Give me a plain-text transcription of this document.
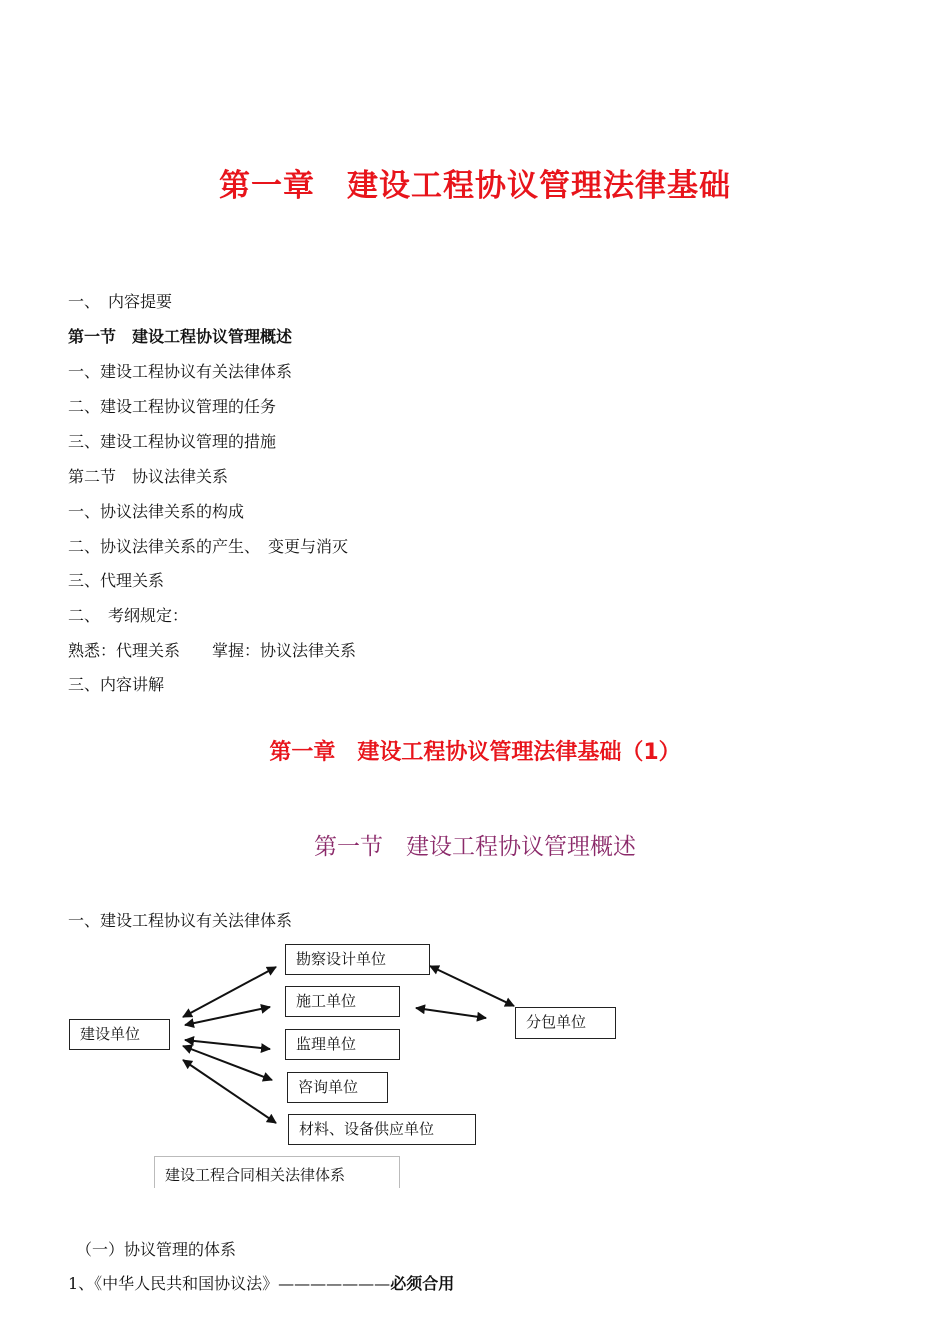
第一章　建设工程协议管理法律基础
一、　内容提要
第一节　建设工程协议管理概述
一、建设工程协议有关法律体系
二、建设工程协议管理的任务
三、建设工程协议管理的措施
第二节　协议法律关系
一、协议法律关系的构成
二、协议法律关系的产生、　变更与消灭
三、代理关系
二、　考纲规定：
熟悉：代理关系　　掌握：协议法律关系
三、内容讲解
第一章　建设工程协议管理法律基础（1）
第一节　建设工程协议管理概述
一、建设工程协议有关法律体系
建设单位
勘察设计单位
施工单位
监理单位
咨询单位
材料、设备供应单位
分包单位
建设工程合同相关法律体系
（一）协议管理的体系
1、《中华人民共和国协议法》———————必须合用
